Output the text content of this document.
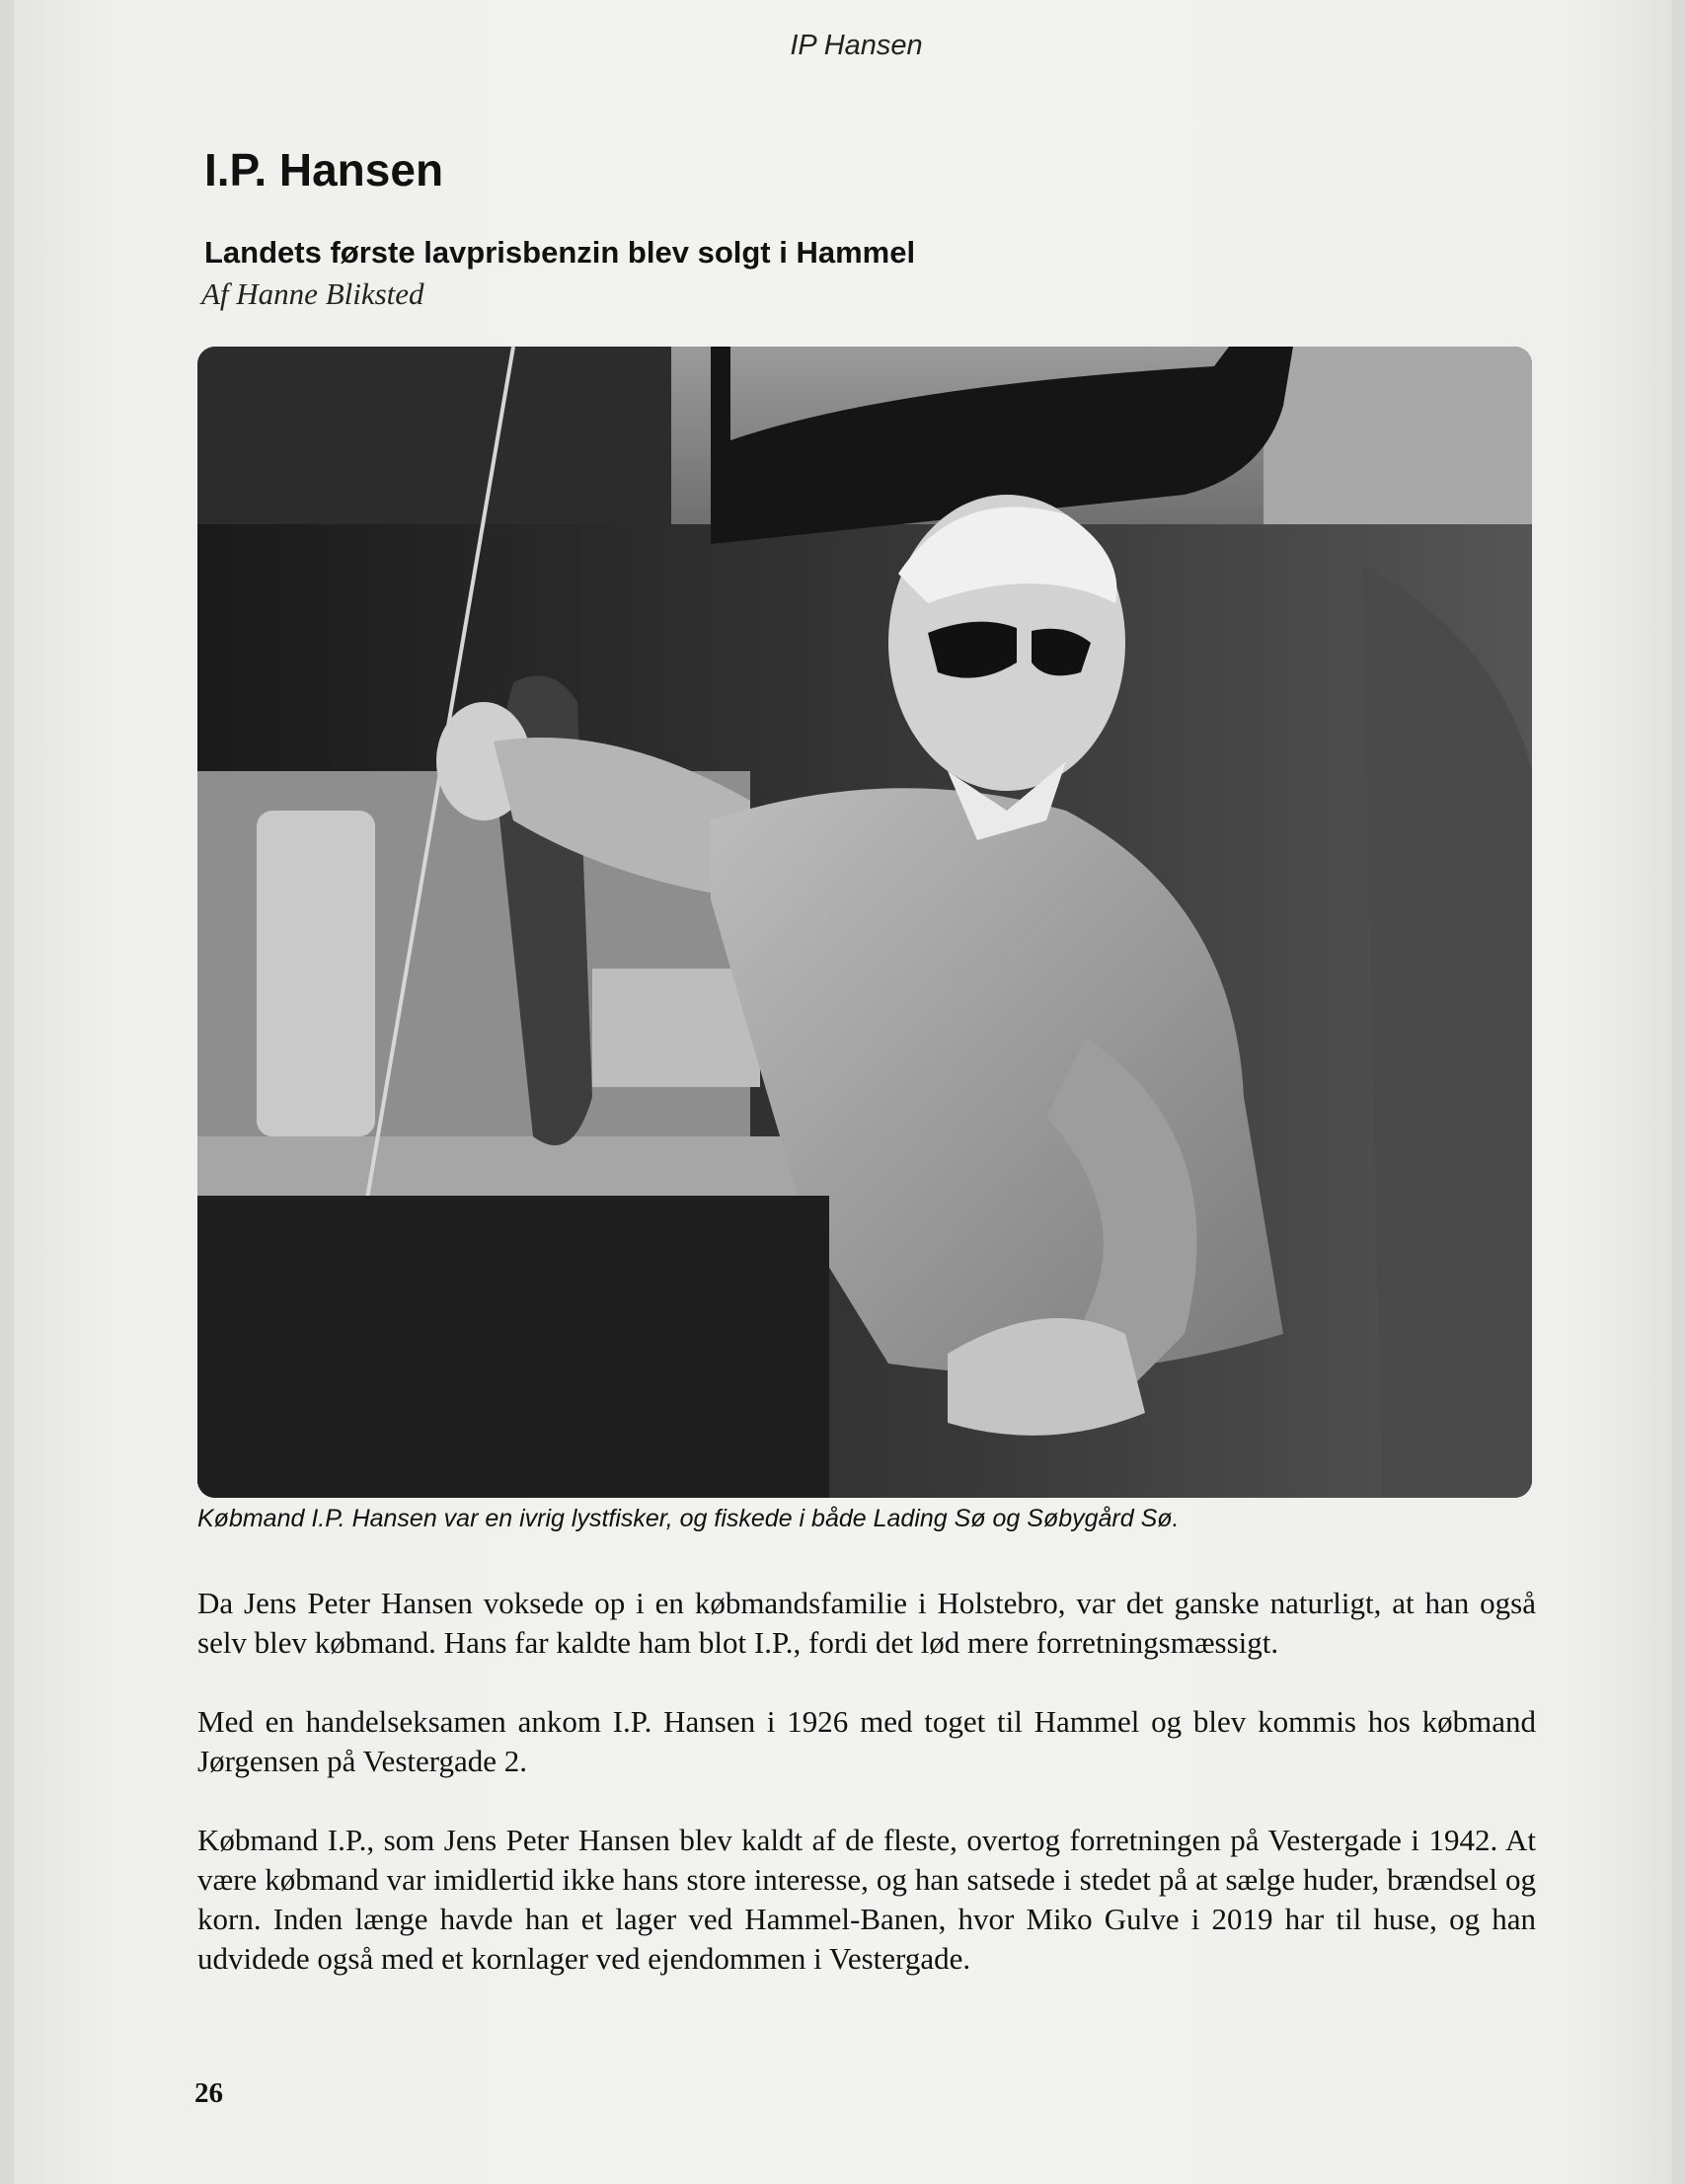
IP Hansen
I.P. Hansen
Landets første lavprisbenzin blev solgt i Hammel
Af Hanne Bliksted
Købmand I.P. Hansen var en ivrig lystfisker, og fiskede i både Lading Sø og Søbygård Sø.

Da Jens Peter Hansen voksede op i en købmandsfamilie i Holstebro, var det ganske naturligt, at han også selv blev købmand. Hans far kaldte ham blot I.P., fordi det lød mere forretningsmæssigt.

Med en handelseksamen ankom I.P. Hansen i 1926 med toget til Hammel og blev kommis hos købmand Jørgensen på Vestergade 2.

Købmand I.P., som Jens Peter Hansen blev kaldt af de fleste, overtog forretningen på Vestergade i 1942. At være købmand var imidlertid ikke hans store interesse, og han satsede i stedet på at sælge huder, brændsel og korn. Inden længe havde han et lager ved Hammel-Banen, hvor Miko Gulve i 2019 har til huse, og han udvidede også med et kornlager ved ejendommen i Vestergade.

26
